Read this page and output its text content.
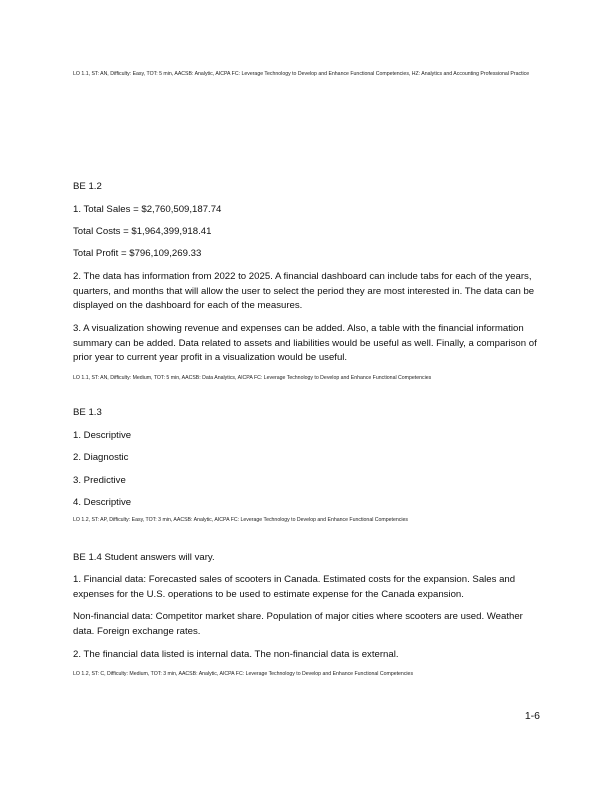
LO 1.1, ST: AN, Difficulty: Easy, TOT: 5 min, AACSB: Analytic, AICPA FC: Leverage Technology to Develop and Enhance Functional Competencies, HZ: Analytics and Accounting Professional Practice
BE 1.2
1. Total Sales = $2,760,509,187.74
Total Costs = $1,964,399,918.41
Total Profit = $796,109,269.33
2. The data has information from 2022 to 2025. A financial dashboard can include tabs for each of the years, quarters, and months that will allow the user to select the period they are most interested in. The data can be displayed on the dashboard for each of the measures.
3. A visualization showing revenue and expenses can be added. Also, a table with the financial information summary can be added. Data related to assets and liabilities would be useful as well. Finally, a comparison of prior year to current year profit in a visualization would be useful.
LO 1.1, ST: AN, Difficulty: Medium, TOT: 5 min, AACSB: Data Analytics, AICPA FC: Leverage Technology to Develop and Enhance Functional Competencies
BE 1.3
1. Descriptive
2. Diagnostic
3. Predictive
4. Descriptive
LO 1.2, ST: AP, Difficulty: Easy, TOT: 3 min, AACSB: Analytic, AICPA FC: Leverage Technology to Develop and Enhance Functional Competencies
BE 1.4 Student answers will vary.
1. Financial data: Forecasted sales of scooters in Canada. Estimated costs for the expansion. Sales and expenses for the U.S. operations to be used to estimate expense for the Canada expansion.
Non-financial data: Competitor market share. Population of major cities where scooters are used. Weather data. Foreign exchange rates.
2. The financial data listed is internal data. The non-financial data is external.
LO 1.2, ST: C, Difficulty: Medium, TOT: 3 min, AACSB: Analytic, AICPA FC: Leverage Technology to Develop and Enhance Functional Competencies
1-6
